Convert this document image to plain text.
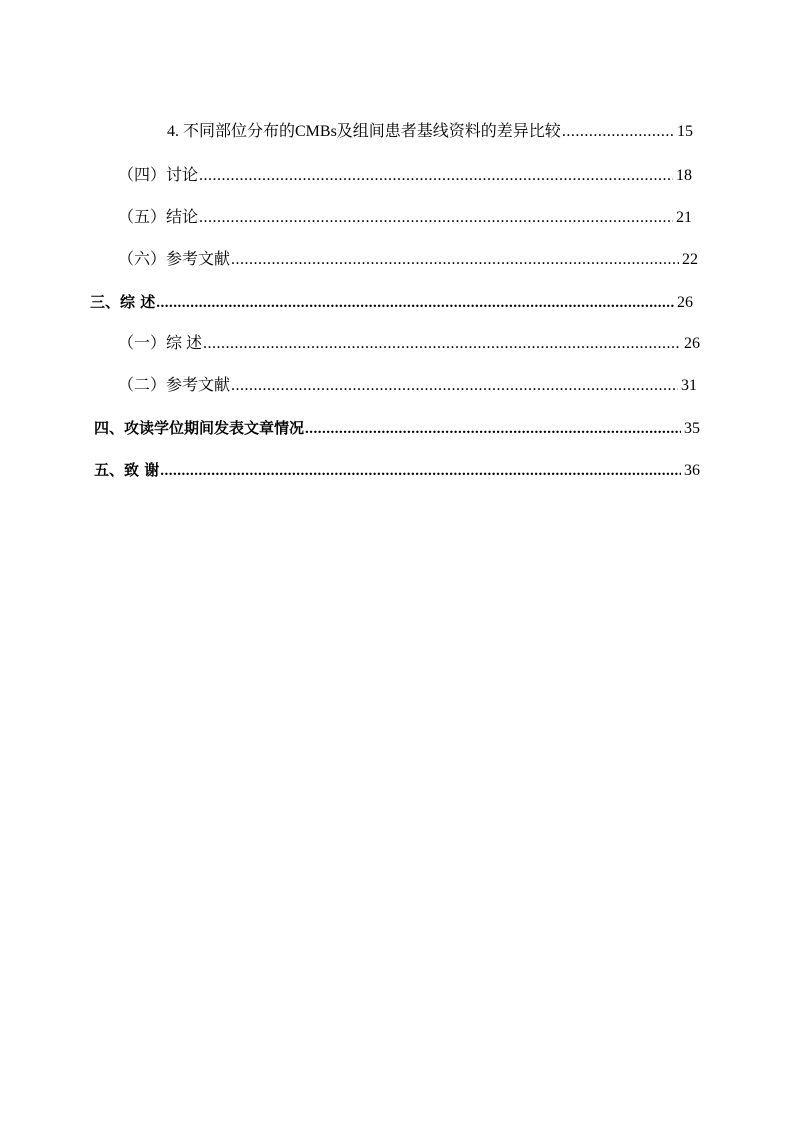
4. 不同部位分布的CMBs及组间患者基线资料的差异比较 .....	15
（四）讨论 .....	18
（五）结论 .....	21
（六）参考文献 .....	22
三、综 述 .....	26
（一）综 述 .....	26
（二）参考文献 .....	31
四、攻读学位期间发表文章情况 .....	35
五、致 谢 .....	36
